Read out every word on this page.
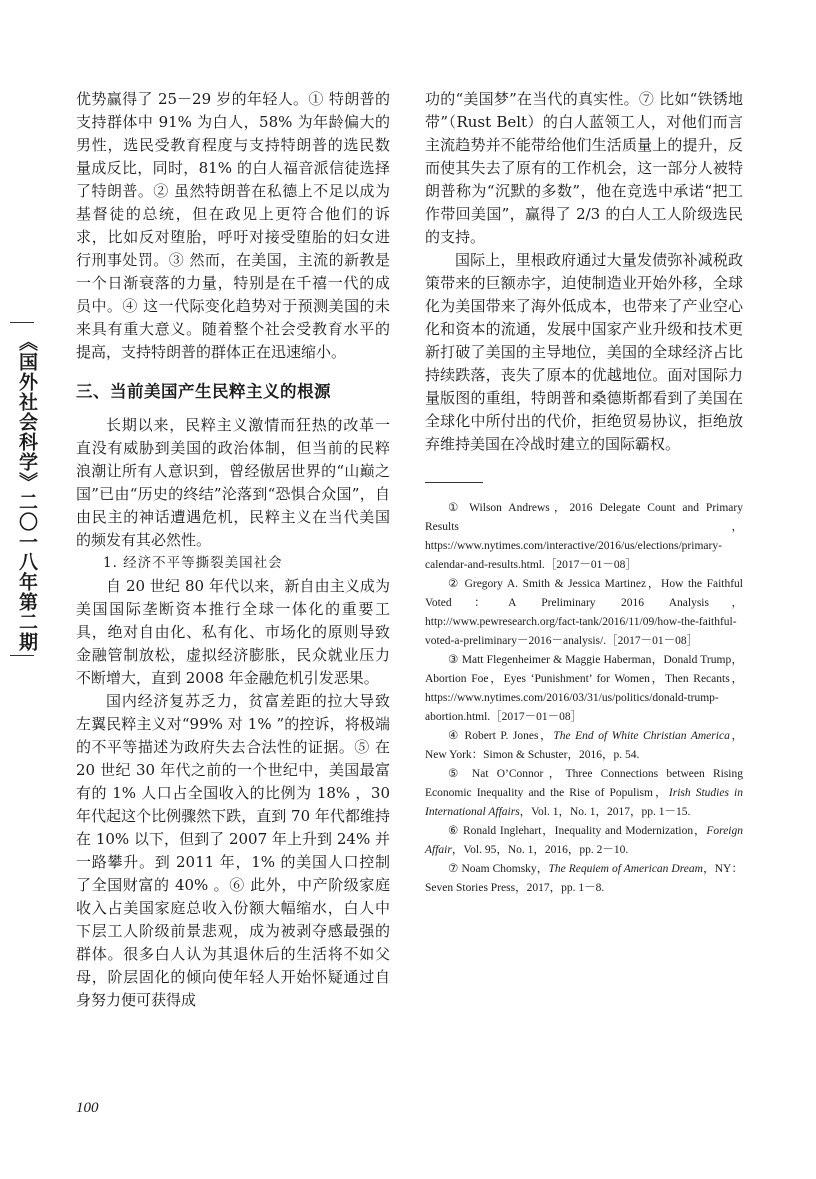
《国外社会科学》二〇一八年第二期

优势赢得了 25－29 岁的年轻人。① 特朗普的支持群体中 91% 为白人，58% 为年龄偏大的男性，选民受教育程度与支持特朗普的选民数量成反比，同时，81% 的白人福音派信徒选择了特朗普。② 虽然特朗普在私德上不足以成为基督徒的总统，但在政见上更符合他们的诉求，比如反对堕胎，呼吁对接受堕胎的妇女进行刑事处罚。③ 然而，在美国，主流的新教是一个日渐衰落的力量，特别是在千禧一代的成员中。④ 这一代际变化趋势对于预测美国的未来具有重大意义。随着整个社会受教育水平的提高，支持特朗普的群体正在迅速缩小。

三、当前美国产生民粹主义的根源

长期以来，民粹主义激情而狂热的改革一直没有威胁到美国的政治体制，但当前的民粹浪潮让所有人意识到，曾经傲居世界的“山巅之国”已由“历史的终结”沦落到“恐惧合众国”，自由民主的神话遭遇危机，民粹主义在当代美国的频发有其必然性。

1. 经济不平等撕裂美国社会

自 20 世纪 80 年代以来，新自由主义成为美国国际垄断资本推行全球一体化的重要工具，绝对自由化、私有化、市场化的原则导致金融管制放松，虚拟经济膨胀，民众就业压力不断增大，直到 2008 年金融危机引发恶果。

国内经济复苏乏力，贫富差距的拉大导致左翼民粹主义对“99% 对 1% ”的控诉，将极端的不平等描述为政府失去合法性的证据。⑤ 在 20 世纪 30 年代之前的一个世纪中，美国最富有的 1% 人口占全国收入的比例为 18% ，30 年代起这个比例骤然下跌，直到 70 年代都维持在 10% 以下，但到了 2007 年上升到 24% 并一路攀升。到 2011 年，1% 的美国人口控制了全国财富的 40% 。⑥ 此外，中产阶级家庭收入占美国家庭总收入份额大幅缩水，白人中下层工人阶级前景悲观，成为被剥夺感最强的群体。很多白人认为其退休后的生活将不如父母，阶层固化的倾向使年轻人开始怀疑通过自身努力便可获得成

功的“美国梦”在当代的真实性。⑦ 比如“铁锈地带”（Rust Belt）的白人蓝领工人，对他们而言主流趋势并不能带给他们生活质量上的提升，反而使其失去了原有的工作机会，这一部分人被特朗普称为“沉默的多数”，他在竞选中承诺“把工作带回美国”，赢得了 2/3 的白人工人阶级选民的支持。

国际上，里根政府通过大量发债弥补减税政策带来的巨额赤字，迫使制造业开始外移，全球化为美国带来了海外低成本，也带来了产业空心化和资本的流通，发展中国家产业升级和技术更新打破了美国的主导地位，美国的全球经济占比持续跌落，丧失了原本的优越地位。面对国际力量版图的重组，特朗普和桑德斯都看到了美国在全球化中所付出的代价，拒绝贸易协议，拒绝放弃维持美国在冷战时建立的国际霸权。

① Wilson Andrews，2016 Delegate Count and Primary Results，https://www.nytimes.com/interactive/2016/us/elections/primary-calendar-and-results.html.［2017－01－08］

② Gregory A. Smith & Jessica Martinez，How the Faithful Voted：A Preliminary 2016 Analysis，http://www.pewresearch.org/fact-tank/2016/11/09/how-the-faithful-voted-a-preliminary－2016－analysis/.［2017－01－08］

③ Matt Flegenheimer & Maggie Haberman，Donald Trump，Abortion Foe，Eyes ‘Punishment’ for Women，Then Recants，https://www.nytimes.com/2016/03/31/us/politics/donald-trump-abortion.html.［2017－01－08］

④ Robert P. Jones，The End of White Christian America，New York：Simon & Schuster，2016，p. 54.

⑤ Nat O’Connor，Three Connections between Rising Economic Inequality and the Rise of Populism，Irish Studies in International Affairs，Vol. 1，No. 1，2017，pp. 1－15.

⑥ Ronald Inglehart，Inequality and Modernization，Foreign Affair，Vol. 95，No. 1，2016，pp. 2－10.

⑦ Noam Chomsky，The Requiem of American Dream，NY：Seven Stories Press，2017，pp. 1－8.

100
